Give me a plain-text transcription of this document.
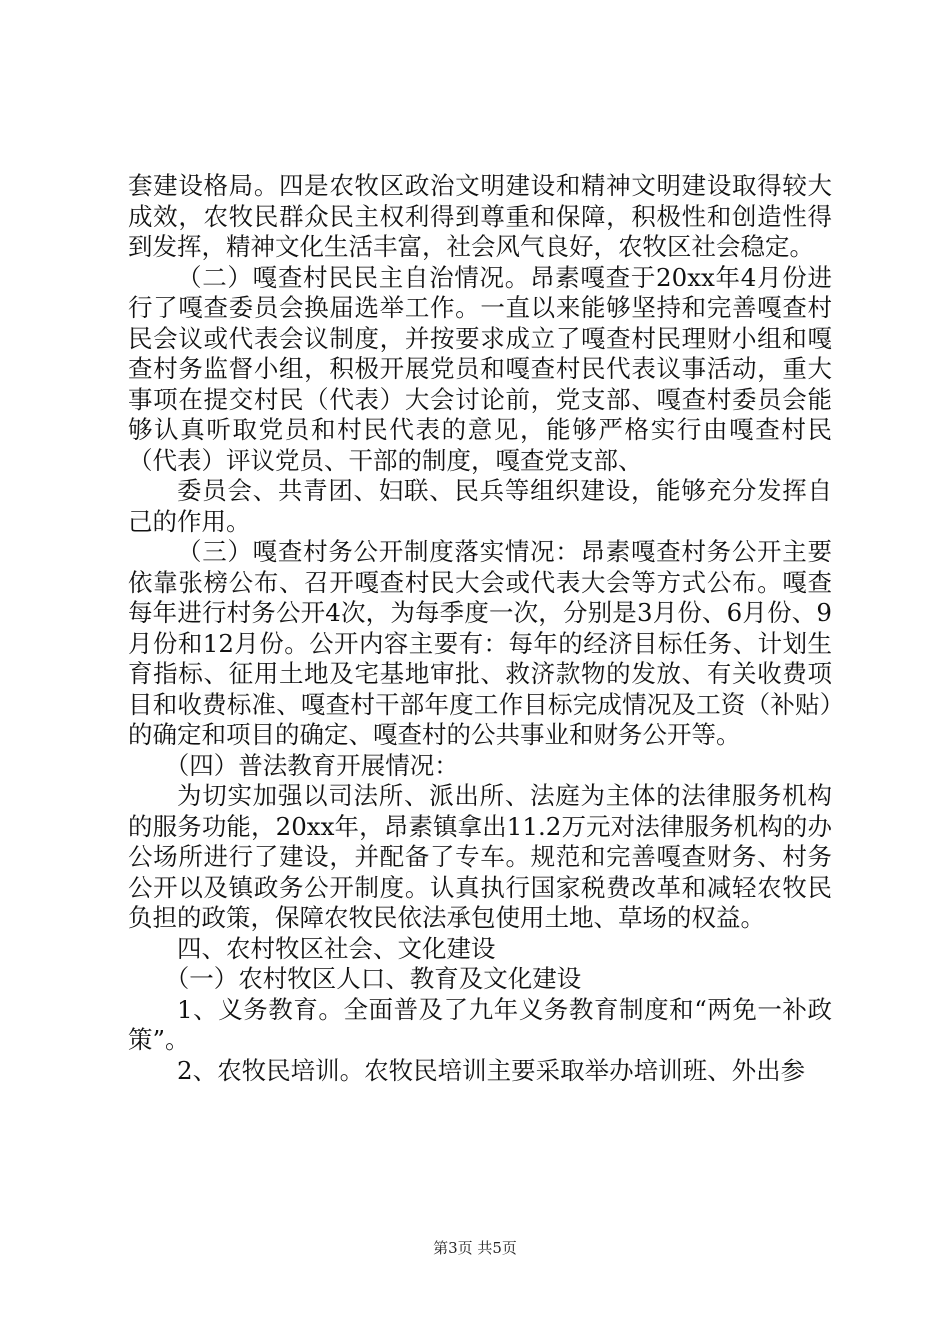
套建设格局。四是农牧区政治文明建设和精神文明建设取得较大成效，农牧民群众民主权利得到尊重和保障，积极性和创造性得到发挥，精神文化生活丰富，社会风气良好，农牧区社会稳定。

（二）嘎查村民民主自治情况。昂素嘎查于20xx年4月份进行了嘎查委员会换届选举工作。一直以来能够坚持和完善嘎查村民会议或代表会议制度，并按要求成立了嘎查村民理财小组和嘎查村务监督小组，积极开展党员和嘎查村民代表议事活动，重大事项在提交村民（代表）大会讨论前，党支部、嘎查村委员会能够认真听取党员和村民代表的意见，能够严格实行由嘎查村民（代表）评议党员、干部的制度，嘎查党支部、

委员会、共青团、妇联、民兵等组织建设，能够充分发挥自己的作用。

（三）嘎查村务公开制度落实情况：昂素嘎查村务公开主要依靠张榜公布、召开嘎查村民大会或代表大会等方式公布。嘎查每年进行村务公开4次，为每季度一次，分别是3月份、6月份、9月份和12月份。公开内容主要有：每年的经济目标任务、计划生育指标、征用土地及宅基地审批、救济款物的发放、有关收费项目和收费标准、嘎查村干部年度工作目标完成情况及工资（补贴）的确定和项目的确定、嘎查村的公共事业和财务公开等。

（四）普法教育开展情况：

为切实加强以司法所、派出所、法庭为主体的法律服务机构的服务功能，20xx年，昂素镇拿出11.2万元对法律服务机构的办公场所进行了建设，并配备了专车。规范和完善嘎查财务、村务公开以及镇政务公开制度。认真执行国家税费改革和减轻农牧民负担的政策，保障农牧民依法承包使用土地、草场的权益。

四、农村牧区社会、文化建设

（一）农村牧区人口、教育及文化建设

1、义务教育。全面普及了九年义务教育制度和“两免一补政策”。

2、农牧民培训。农牧民培训主要采取举办培训班、外出参

第3页 共5页
